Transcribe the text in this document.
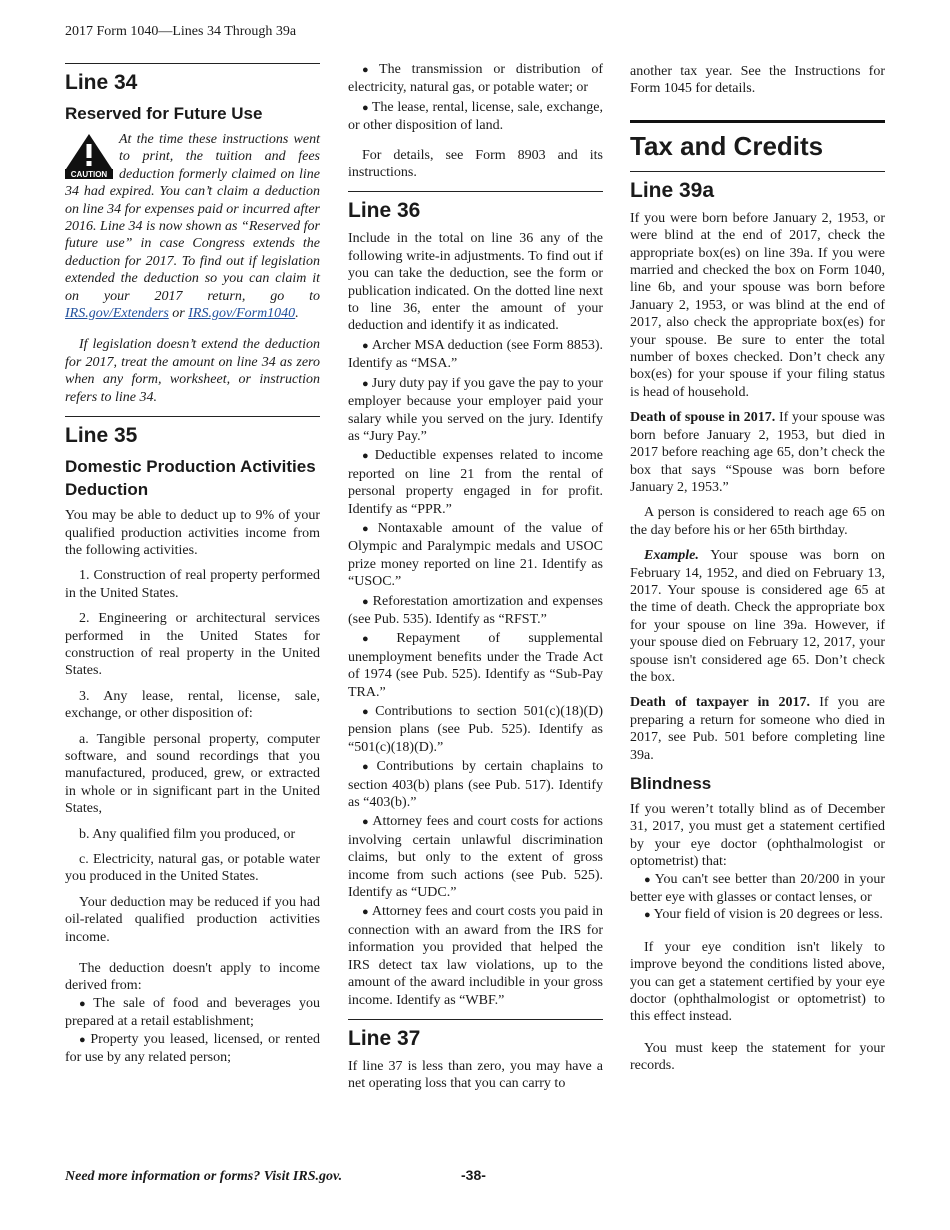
2017 Form 1040—Lines 34 Through 39a
Line 34
Reserved for Future Use
CAUTION

At the time these instructions went to print, the tuition and fees deduction formerly claimed on line 34 had expired. You can’t claim a deduction on line 34 for expenses paid or incurred after 2016. Line 34 is now shown as “Reserved for future use” in case Congress extends the deduction for 2017. To find out if legislation extended the deduction so you can claim it on your 2017 return, go to IRS.gov/Extenders or IRS.gov/Form1040.

If legislation doesn’t extend the deduction for 2017, treat the amount on line 34 as zero when any form, worksheet, or instruction refers to line 34.

Line 35
Domestic Production Activities Deduction

You may be able to deduct up to 9% of your qualified production activities income from the following activities.

1. Construction of real property performed in the United States.

2. Engineering or architectural services performed in the United States for construction of real property in the United States.

3. Any lease, rental, license, sale, exchange, or other disposition of:

a. Tangible personal property, computer software, and sound recordings that you manufactured, produced, grew, or extracted in whole or in significant part in the United States,

b. Any qualified film you produced, or

c. Electricity, natural gas, or potable water you produced in the United States.

Your deduction may be reduced if you had oil-related qualified production activities income.

The deduction doesn't apply to income derived from:

● The sale of food and beverages you prepared at a retail establishment;

● Property you leased, licensed, or rented for use by any related person;

● The transmission or distribution of electricity, natural gas, or potable water; or

● The lease, rental, license, sale, exchange, or other disposition of land.

For details, see Form 8903 and its instructions.

Line 36

Include in the total on line 36 any of the following write-in adjustments. To find out if you can take the deduction, see the form or publication indicated. On the dotted line next to line 36, enter the amount of your deduction and identify it as indicated.

● Archer MSA deduction (see Form 8853). Identify as “MSA.”

● Jury duty pay if you gave the pay to your employer because your employer paid your salary while you served on the jury. Identify as “Jury Pay.”

● Deductible expenses related to income reported on line 21 from the rental of personal property engaged in for profit. Identify as “PPR.”

● Nontaxable amount of the value of Olympic and Paralympic medals and USOC prize money reported on line 21. Identify as “USOC.”

● Reforestation amortization and expenses (see Pub. 535). Identify as “RFST.”

● Repayment of supplemental unemployment benefits under the Trade Act of 1974 (see Pub. 525). Identify as “Sub-Pay TRA.”

● Contributions to section 501(c)(18)(D) pension plans (see Pub. 525). Identify as “501(c)(18)(D).”

● Contributions by certain chaplains to section 403(b) plans (see Pub. 517). Identify as “403(b).”

● Attorney fees and court costs for actions involving certain unlawful discrimination claims, but only to the extent of gross income from such actions (see Pub. 525). Identify as “UDC.”

● Attorney fees and court costs you paid in connection with an award from the IRS for information you provided that helped the IRS detect tax law violations, up to the amount of the award includible in your gross income. Identify as “WBF.”

Line 37

If line 37 is less than zero, you may have a net operating loss that you can carry to

another tax year. See the Instructions for Form 1045 for details.

Tax and Credits
Line 39a

If you were born before January 2, 1953, or were blind at the end of 2017, check the appropriate box(es) on line 39a. If you were married and checked the box on Form 1040, line 6b, and your spouse was born before January 2, 1953, or was blind at the end of 2017, also check the appropriate box(es) for your spouse. Be sure to enter the total number of boxes checked. Don’t check any box(es) for your spouse if your filing status is head of household.

Death of spouse in 2017. If your spouse was born before January 2, 1953, but died in 2017 before reaching age 65, don’t check the box that says “Spouse was born before January 2, 1953.”

A person is considered to reach age 65 on the day before his or her 65th birthday.

Example. Your spouse was born on February 14, 1952, and died on February 13, 2017. Your spouse is considered age 65 at the time of death. Check the appropriate box for your spouse on line 39a. However, if your spouse died on February 12, 2017, your spouse isn't considered age 65. Don’t check the box.

Death of taxpayer in 2017. If you are preparing a return for someone who died in 2017, see Pub. 501 before completing line 39a.

Blindness

If you weren’t totally blind as of December 31, 2017, you must get a statement certified by your eye doctor (ophthalmologist or optometrist) that:

● You can't see better than 20/200 in your better eye with glasses or contact lenses, or

● Your field of vision is 20 degrees or less.

If your eye condition isn't likely to improve beyond the conditions listed above, you can get a statement certified by your eye doctor (ophthalmologist or optometrist) to this effect instead.

You must keep the statement for your records.

Need more information or forms? Visit IRS.gov.	-38-
